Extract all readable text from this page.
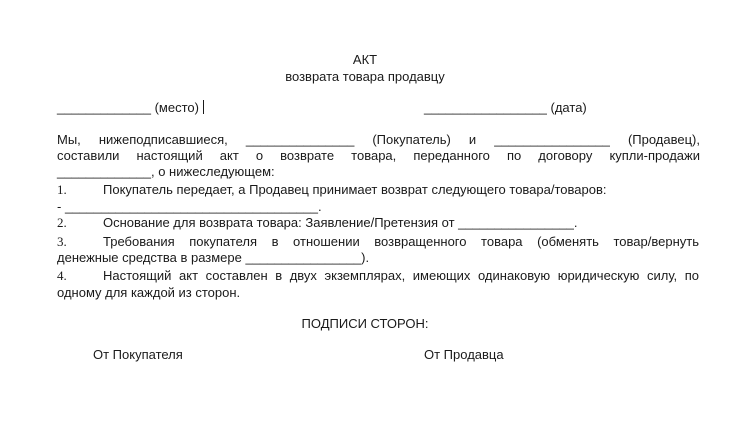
АКТ
возврата товара продавцу
_____________ (место)	_________________ (дата)
Мы, нижеподписавшиеся, _______________ (Покупатель) и ________________ (Продавец),
составили настоящий акт о возврате товара, переданного по договору купли-продажи
_____________, о нижеследующем:
1.	Покупатель передает, а Продавец принимает возврат следующего товара/товаров:
- ___________________________________.
2.	Основание для возврата товара: Заявление/Претензия от ________________.
3.	Требования покупателя в отношении возвращенного товара (обменять товар/вернуть
денежные средства в размере ________________).
4.	Настоящий акт составлен в двух экземплярах, имеющих одинаковую юридическую силу, по
одному для каждой из сторон.
ПОДПИСИ СТОРОН:
От Покупателя	От Продавца
